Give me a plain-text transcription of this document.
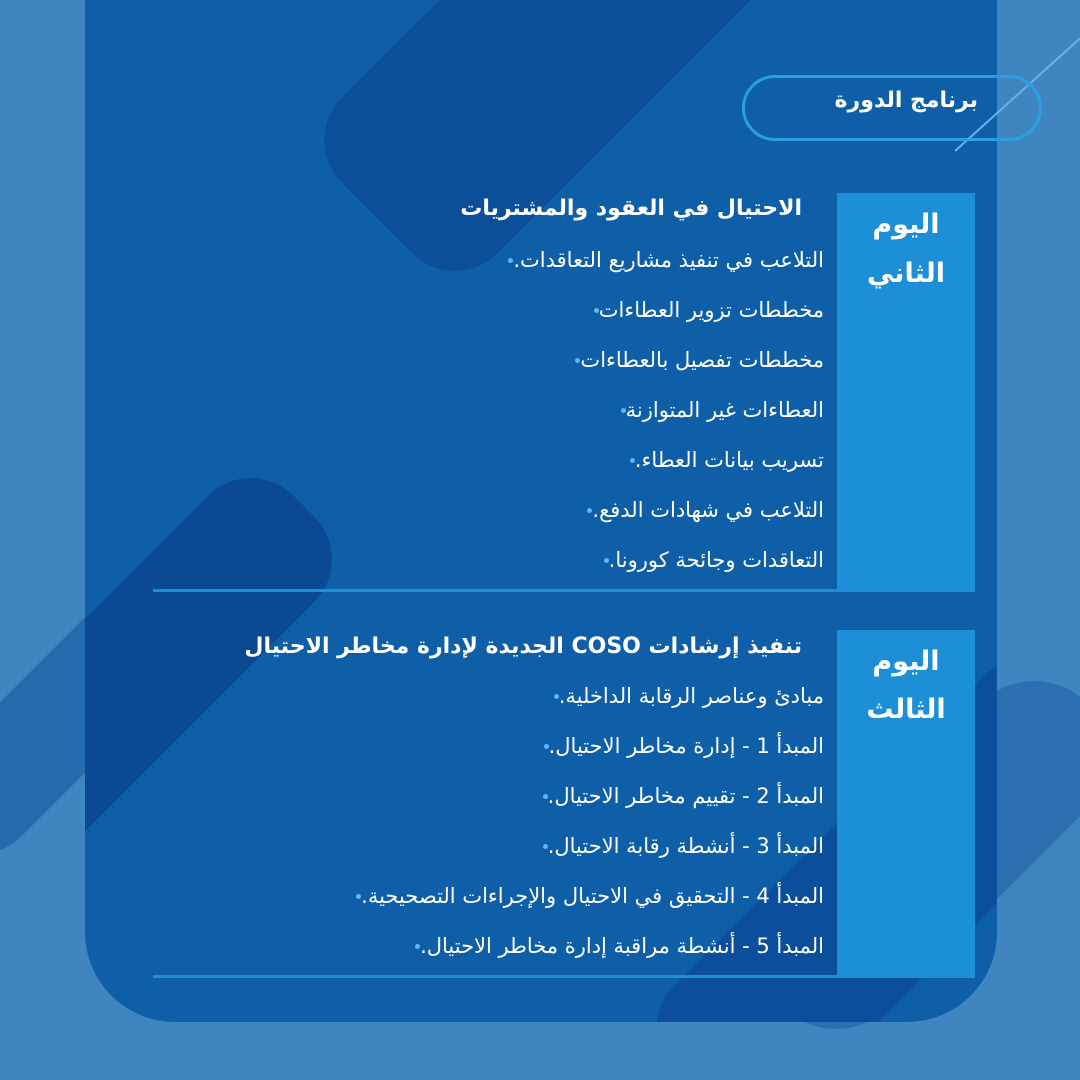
برنامج الدورة
اليوم
الثاني
الاحتيال في العقود والمشتريات
التلاعب في تنفيذ مشاريع التعاقدات.
مخططات تزوير العطاءات
مخططات تفصيل بالعطاءات
العطاءات غير المتوازنة
تسريب بيانات العطاء.
التلاعب في شهادات الدفع.
التعاقدات وجائحة كورونا.
اليوم
الثالث
تنفيذ إرشادات COSO الجديدة لإدارة مخاطر الاحتيال
مبادئ وعناصر الرقابة الداخلية.
المبدأ 1 - إدارة مخاطر الاحتيال.
المبدأ 2 - تقييم مخاطر الاحتيال.
المبدأ 3 - أنشطة رقابة الاحتيال.
المبدأ 4 - التحقيق في الاحتيال والإجراءات التصحيحية.
المبدأ 5 - أنشطة مراقبة إدارة مخاطر الاحتيال.
